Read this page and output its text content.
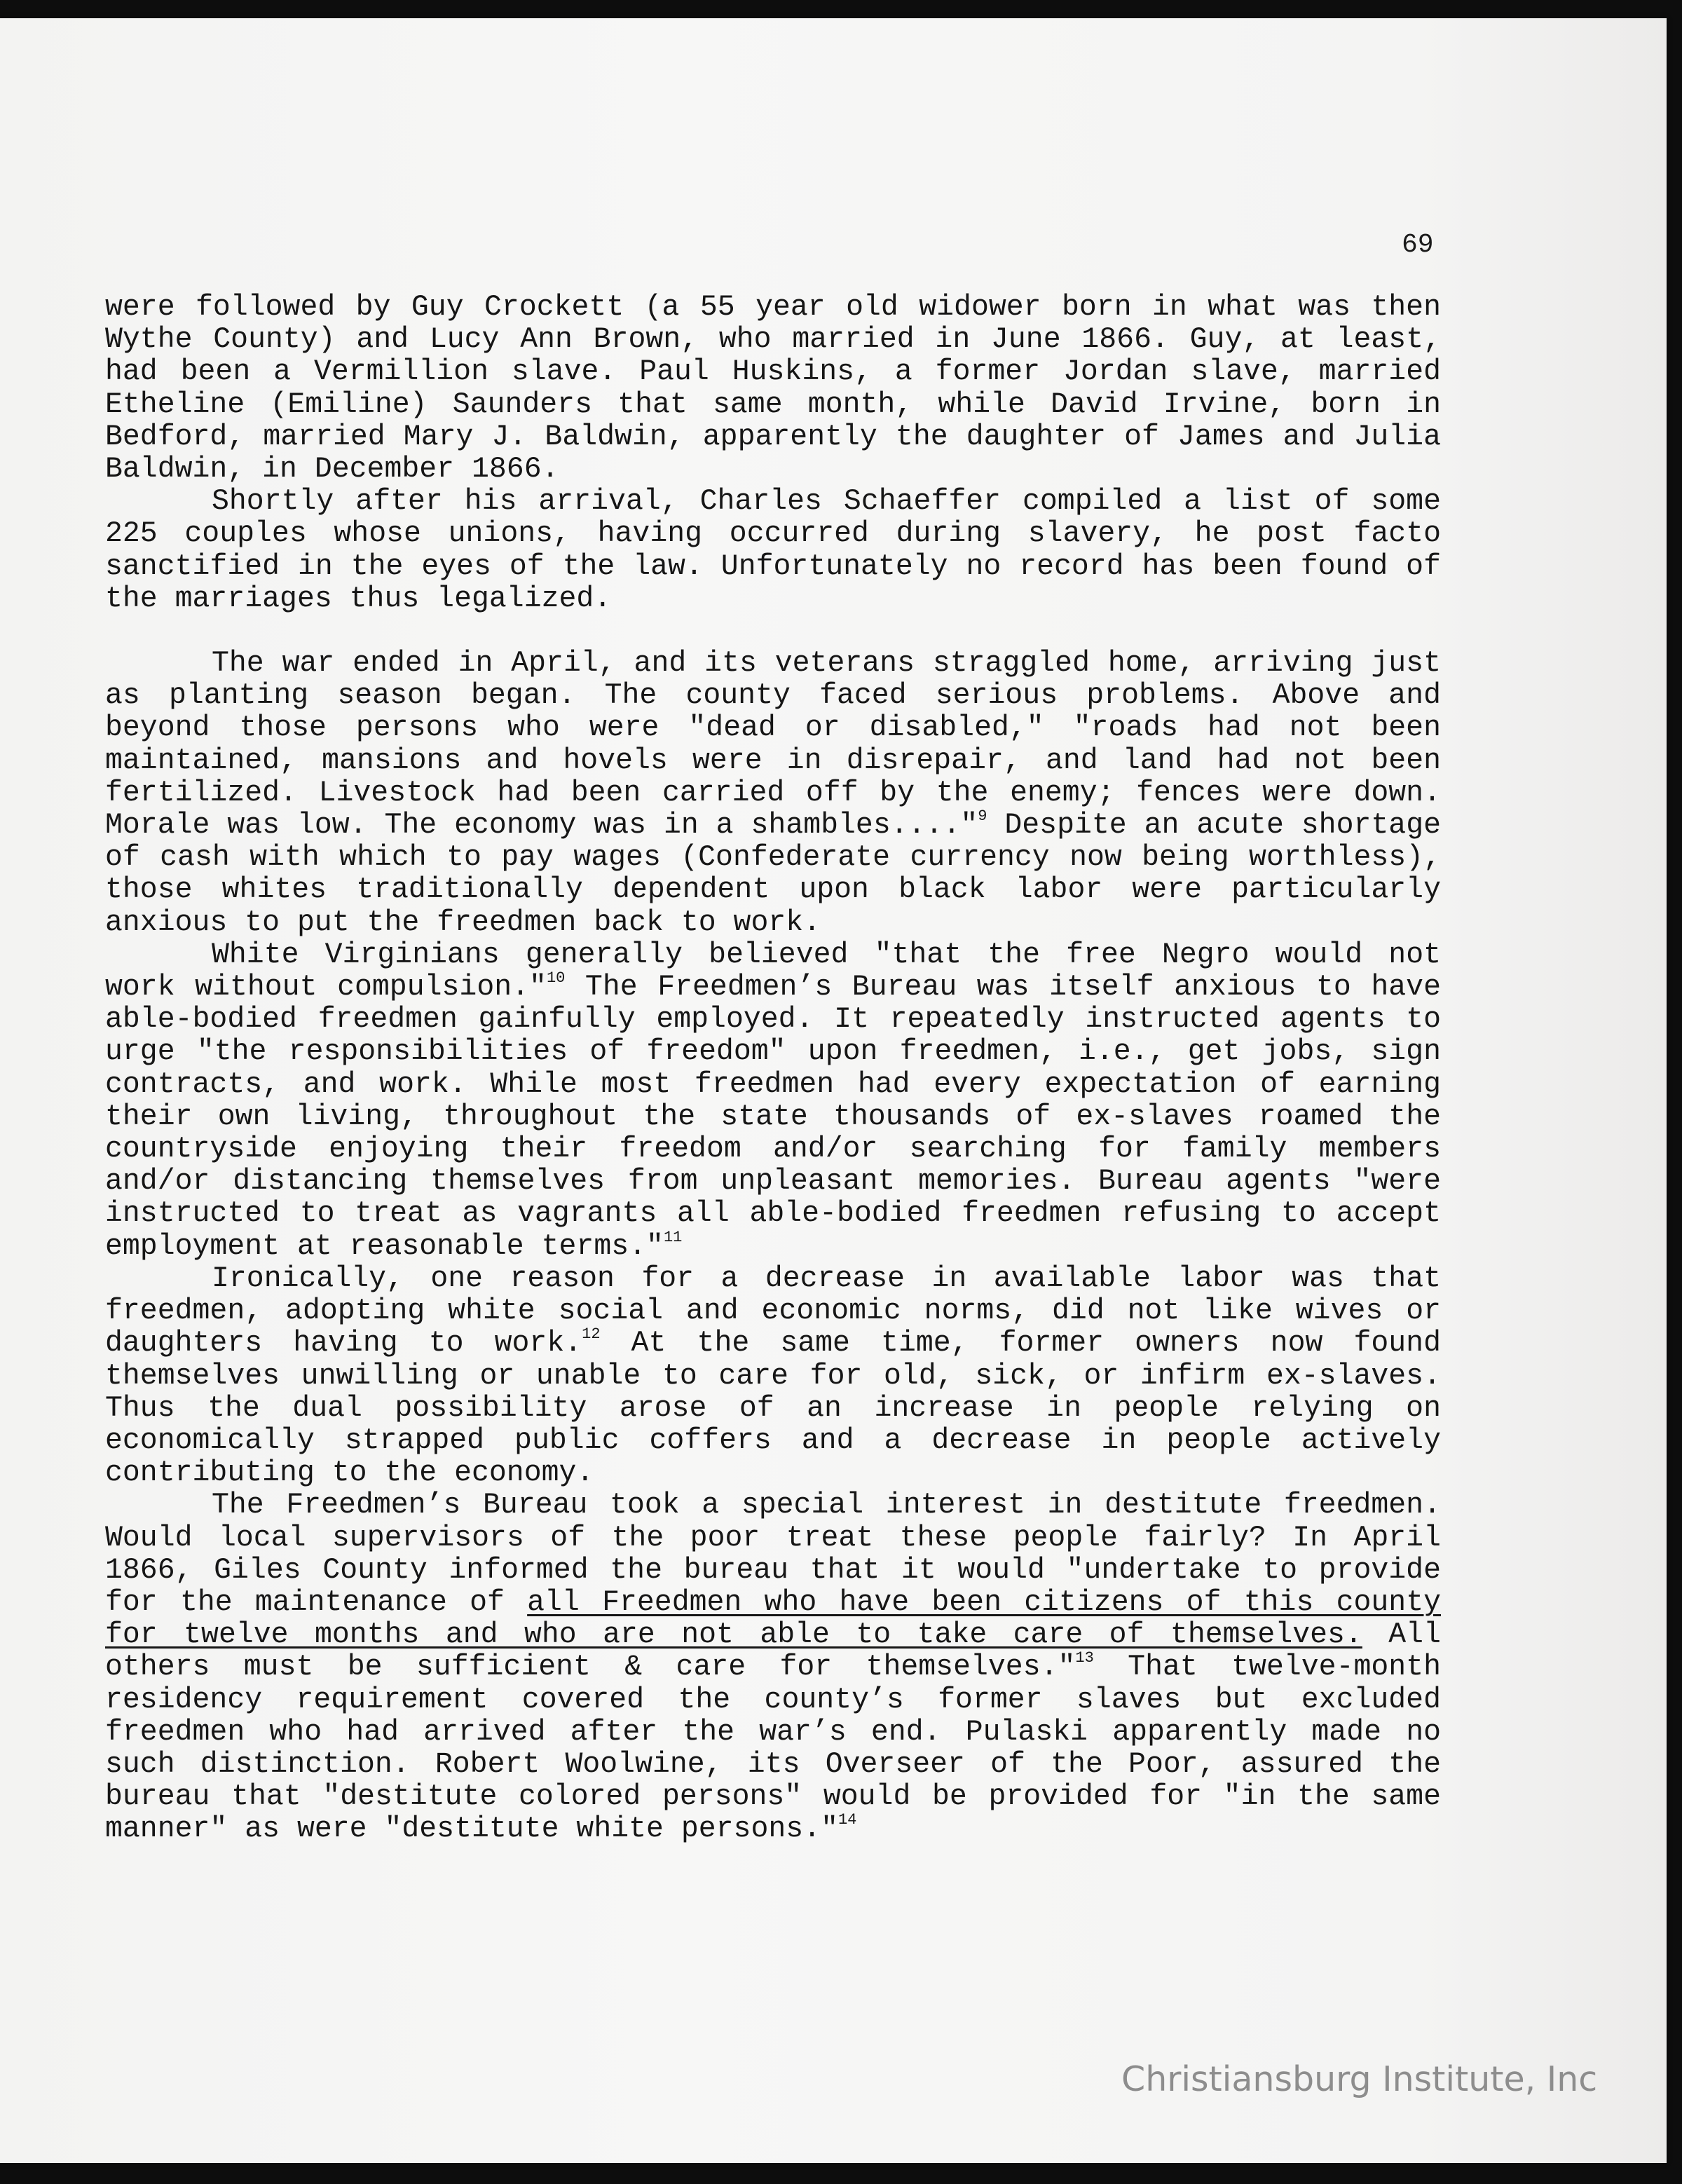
69

were followed by Guy Crockett (a 55 year old widower born in what was then Wythe County) and Lucy Ann Brown, who married in June 1866. Guy, at least, had been a Vermillion slave. Paul Huskins, a former Jordan slave, married Etheline (Emiline) Saunders that same month, while David Irvine, born in Bedford, married Mary J. Baldwin, apparently the daughter of James and Julia Baldwin, in December 1866.

Shortly after his arrival, Charles Schaeffer compiled a list of some 225 couples whose unions, having occurred during slavery, he post facto sanctified in the eyes of the law. Unfortunately no record has been found of the marriages thus legalized.

The war ended in April, and its veterans straggled home, arriving just as planting season began. The county faced serious problems. Above and beyond those persons who were "dead or disabled," "roads had not been maintained, mansions and hovels were in disrepair, and land had not been fertilized. Livestock had been carried off by the enemy; fences were down. Morale was low. The economy was in a shambles...."$^9$ Despite an acute shortage of cash with which to pay wages (Confederate currency now being worthless), those whites traditionally dependent upon black labor were particularly anxious to put the freedmen back to work.

White Virginians generally believed "that the free Negro would not work without compulsion."$^{10}$ The Freedmen’s Bureau was itself anxious to have able-bodied freedmen gainfully employed. It repeatedly instructed agents to urge "the responsibilities of freedom" upon freedmen, i.e., get jobs, sign contracts, and work. While most freedmen had every expectation of earning their own living, throughout the state thousands of ex-slaves roamed the countryside enjoying their freedom and/or searching for family members and/or distancing themselves from unpleasant memories. Bureau agents "were instructed to treat as vagrants all able-bodied freedmen refusing to accept employment at reasonable terms."$^{11}$

Ironically, one reason for a decrease in available labor was that freedmen, adopting white social and economic norms, did not like wives or daughters having to work.$^{12}$ At the same time, former owners now found themselves unwilling or unable to care for old, sick, or infirm ex-slaves. Thus the dual possibility arose of an increase in people relying on economically strapped public coffers and a decrease in people actively contributing to the economy.

The Freedmen’s Bureau took a special interest in destitute freedmen. Would local supervisors of the poor treat these people fairly? In April 1866, Giles County informed the bureau that it would "undertake to provide for the maintenance of all Freedmen who have been citizens of this county for twelve months and who are not able to take care of themselves. All others must be sufficient & care for themselves."$^{13}$ That twelve-month residency requirement covered the county’s former slaves but excluded freedmen who had arrived after the war’s end. Pulaski apparently made no such distinction. Robert Woolwine, its Overseer of the Poor, assured the bureau that "destitute colored persons" would be provided for "in the same manner" as were "destitute white persons."$^{14}$

Christiansburg Institute, Inc
